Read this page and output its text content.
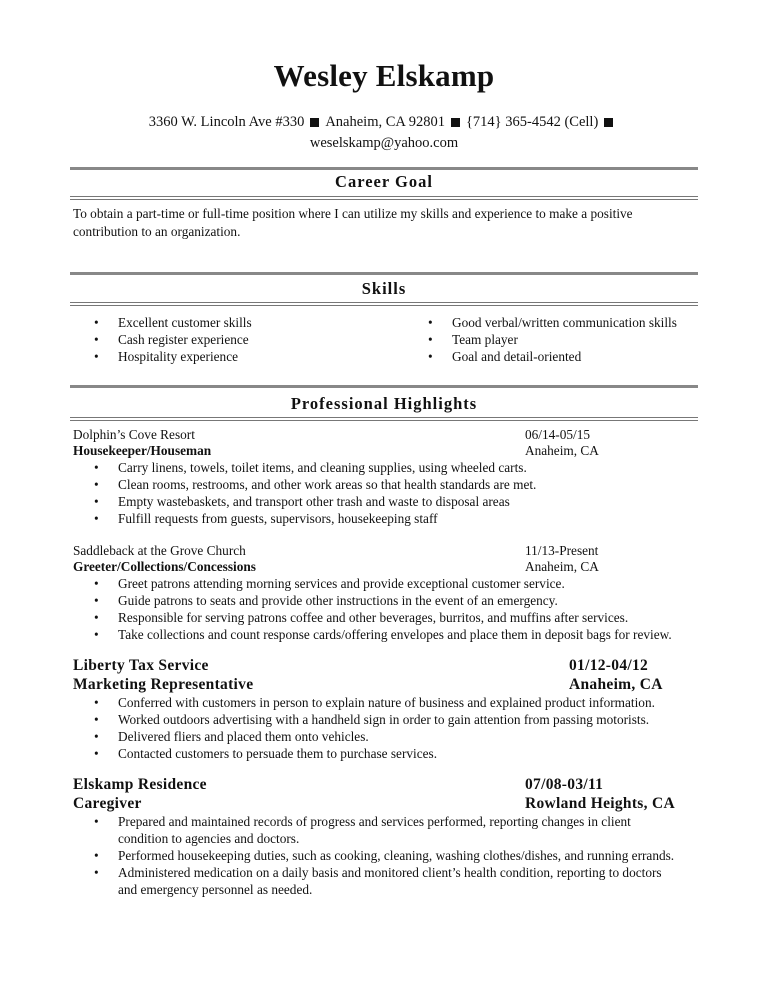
Wesley Elskamp
3360 W. Lincoln Ave #330 Anaheim, CA 92801 {714} 365-4542 (Cell)
weselskamp@yahoo.com
Career Goal
To obtain a part-time or full-time position where I can utilize my skills and experience to make a positive
contribution to an organization.
Skills
• Excellent customer skills
• Cash register experience
• Hospitality experience
• Good verbal/written communication skills
• Team player
• Goal and detail-oriented
Professional Highlights
Dolphin’s Cove Resort	06/14-05/15
Housekeeper/Houseman	Anaheim, CA
• Carry linens, towels, toilet items, and cleaning supplies, using wheeled carts.
• Clean rooms, restrooms, and other work areas so that health standards are met.
• Empty wastebaskets, and transport other trash and waste to disposal areas
• Fulfill requests from guests, supervisors, housekeeping staff
Saddleback at the Grove Church	11/13-Present
Greeter/Collections/Concessions	Anaheim, CA
• Greet patrons attending morning services and provide exceptional customer service.
• Guide patrons to seats and provide other instructions in the event of an emergency.
• Responsible for serving patrons coffee and other beverages, burritos, and muffins after services.
• Take collections and count response cards/offering envelopes and place them in deposit bags for review.
Liberty Tax Service	01/12-04/12
Marketing Representative	Anaheim, CA
• Conferred with customers in person to explain nature of business and explained product information.
• Worked outdoors advertising with a handheld sign in order to gain attention from passing motorists.
• Delivered fliers and placed them onto vehicles.
• Contacted customers to persuade them to purchase services.
Elskamp Residence	07/08-03/11
Caregiver	Rowland Heights, CA
• Prepared and maintained records of progress and services performed, reporting changes in client
condition to agencies and doctors.
• Performed housekeeping duties, such as cooking, cleaning, washing clothes/dishes, and running errands.
• Administered medication on a daily basis and monitored client’s health condition, reporting to doctors
and emergency personnel as needed.
